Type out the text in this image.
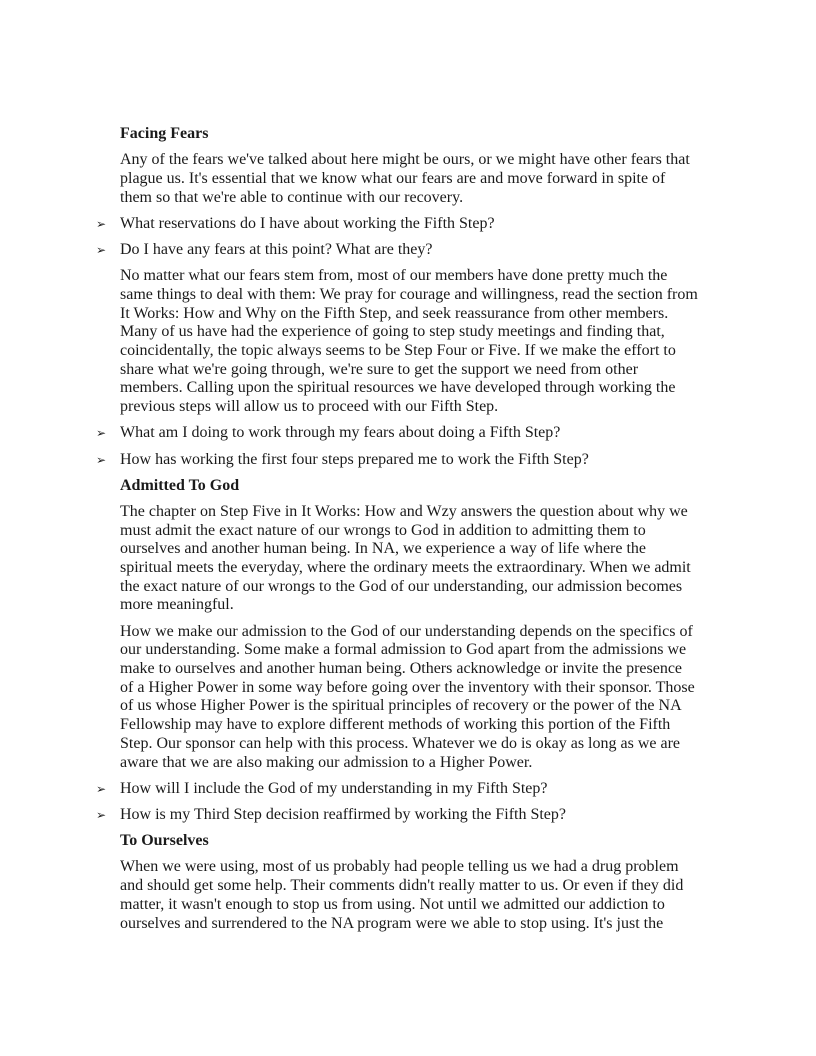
Facing Fears
Any of the fears we've talked about here might be ours, or we might have other fears that plague us. It's essential that we know what our fears are and move forward in spite of them so that we're able to continue with our recovery.
➢ What reservations do I have about working the Fifth Step?
➢ Do I have any fears at this point? What are they?
No matter what our fears stem from, most of our members have done pretty much the same things to deal with them: We pray for courage and willingness, read the section from It Works: How and Why on the Fifth Step, and seek reassurance from other members. Many of us have had the experience of going to step study meetings and finding that, coincidentally, the topic always seems to be Step Four or Five. If we make the effort to share what we're going through, we're sure to get the support we need from other members. Calling upon the spiritual resources we have developed through working the previous steps will allow us to proceed with our Fifth Step.
➢ What am I doing to work through my fears about doing a Fifth Step?
➢ How has working the first four steps prepared me to work the Fifth Step?
Admitted To God
The chapter on Step Five in It Works: How and Wzy answers the question about why we must admit the exact nature of our wrongs to God in addition to admitting them to ourselves and another human being. In NA, we experience a way of life where the spiritual meets the everyday, where the ordinary meets the extraordinary. When we admit the exact nature of our wrongs to the God of our understanding, our admission becomes more meaningful.
How we make our admission to the God of our understanding depends on the specifics of our understanding. Some make a formal admission to God apart from the admissions we make to ourselves and another human being. Others acknowledge or invite the presence of a Higher Power in some way before going over the inventory with their sponsor. Those of us whose Higher Power is the spiritual principles of recovery or the power of the NA Fellowship may have to explore different methods of working this portion of the Fifth Step. Our sponsor can help with this process. Whatever we do is okay as long as we are aware that we are also making our admission to a Higher Power.
➢ How will I include the God of my understanding in my Fifth Step?
➢ How is my Third Step decision reaffirmed by working the Fifth Step?
To Ourselves
When we were using, most of us probably had people telling us we had a drug problem and should get some help. Their comments didn't really matter to us. Or even if they did matter, it wasn't enough to stop us from using. Not until we admitted our addiction to ourselves and surrendered to the NA program were we able to stop using. It's just the
